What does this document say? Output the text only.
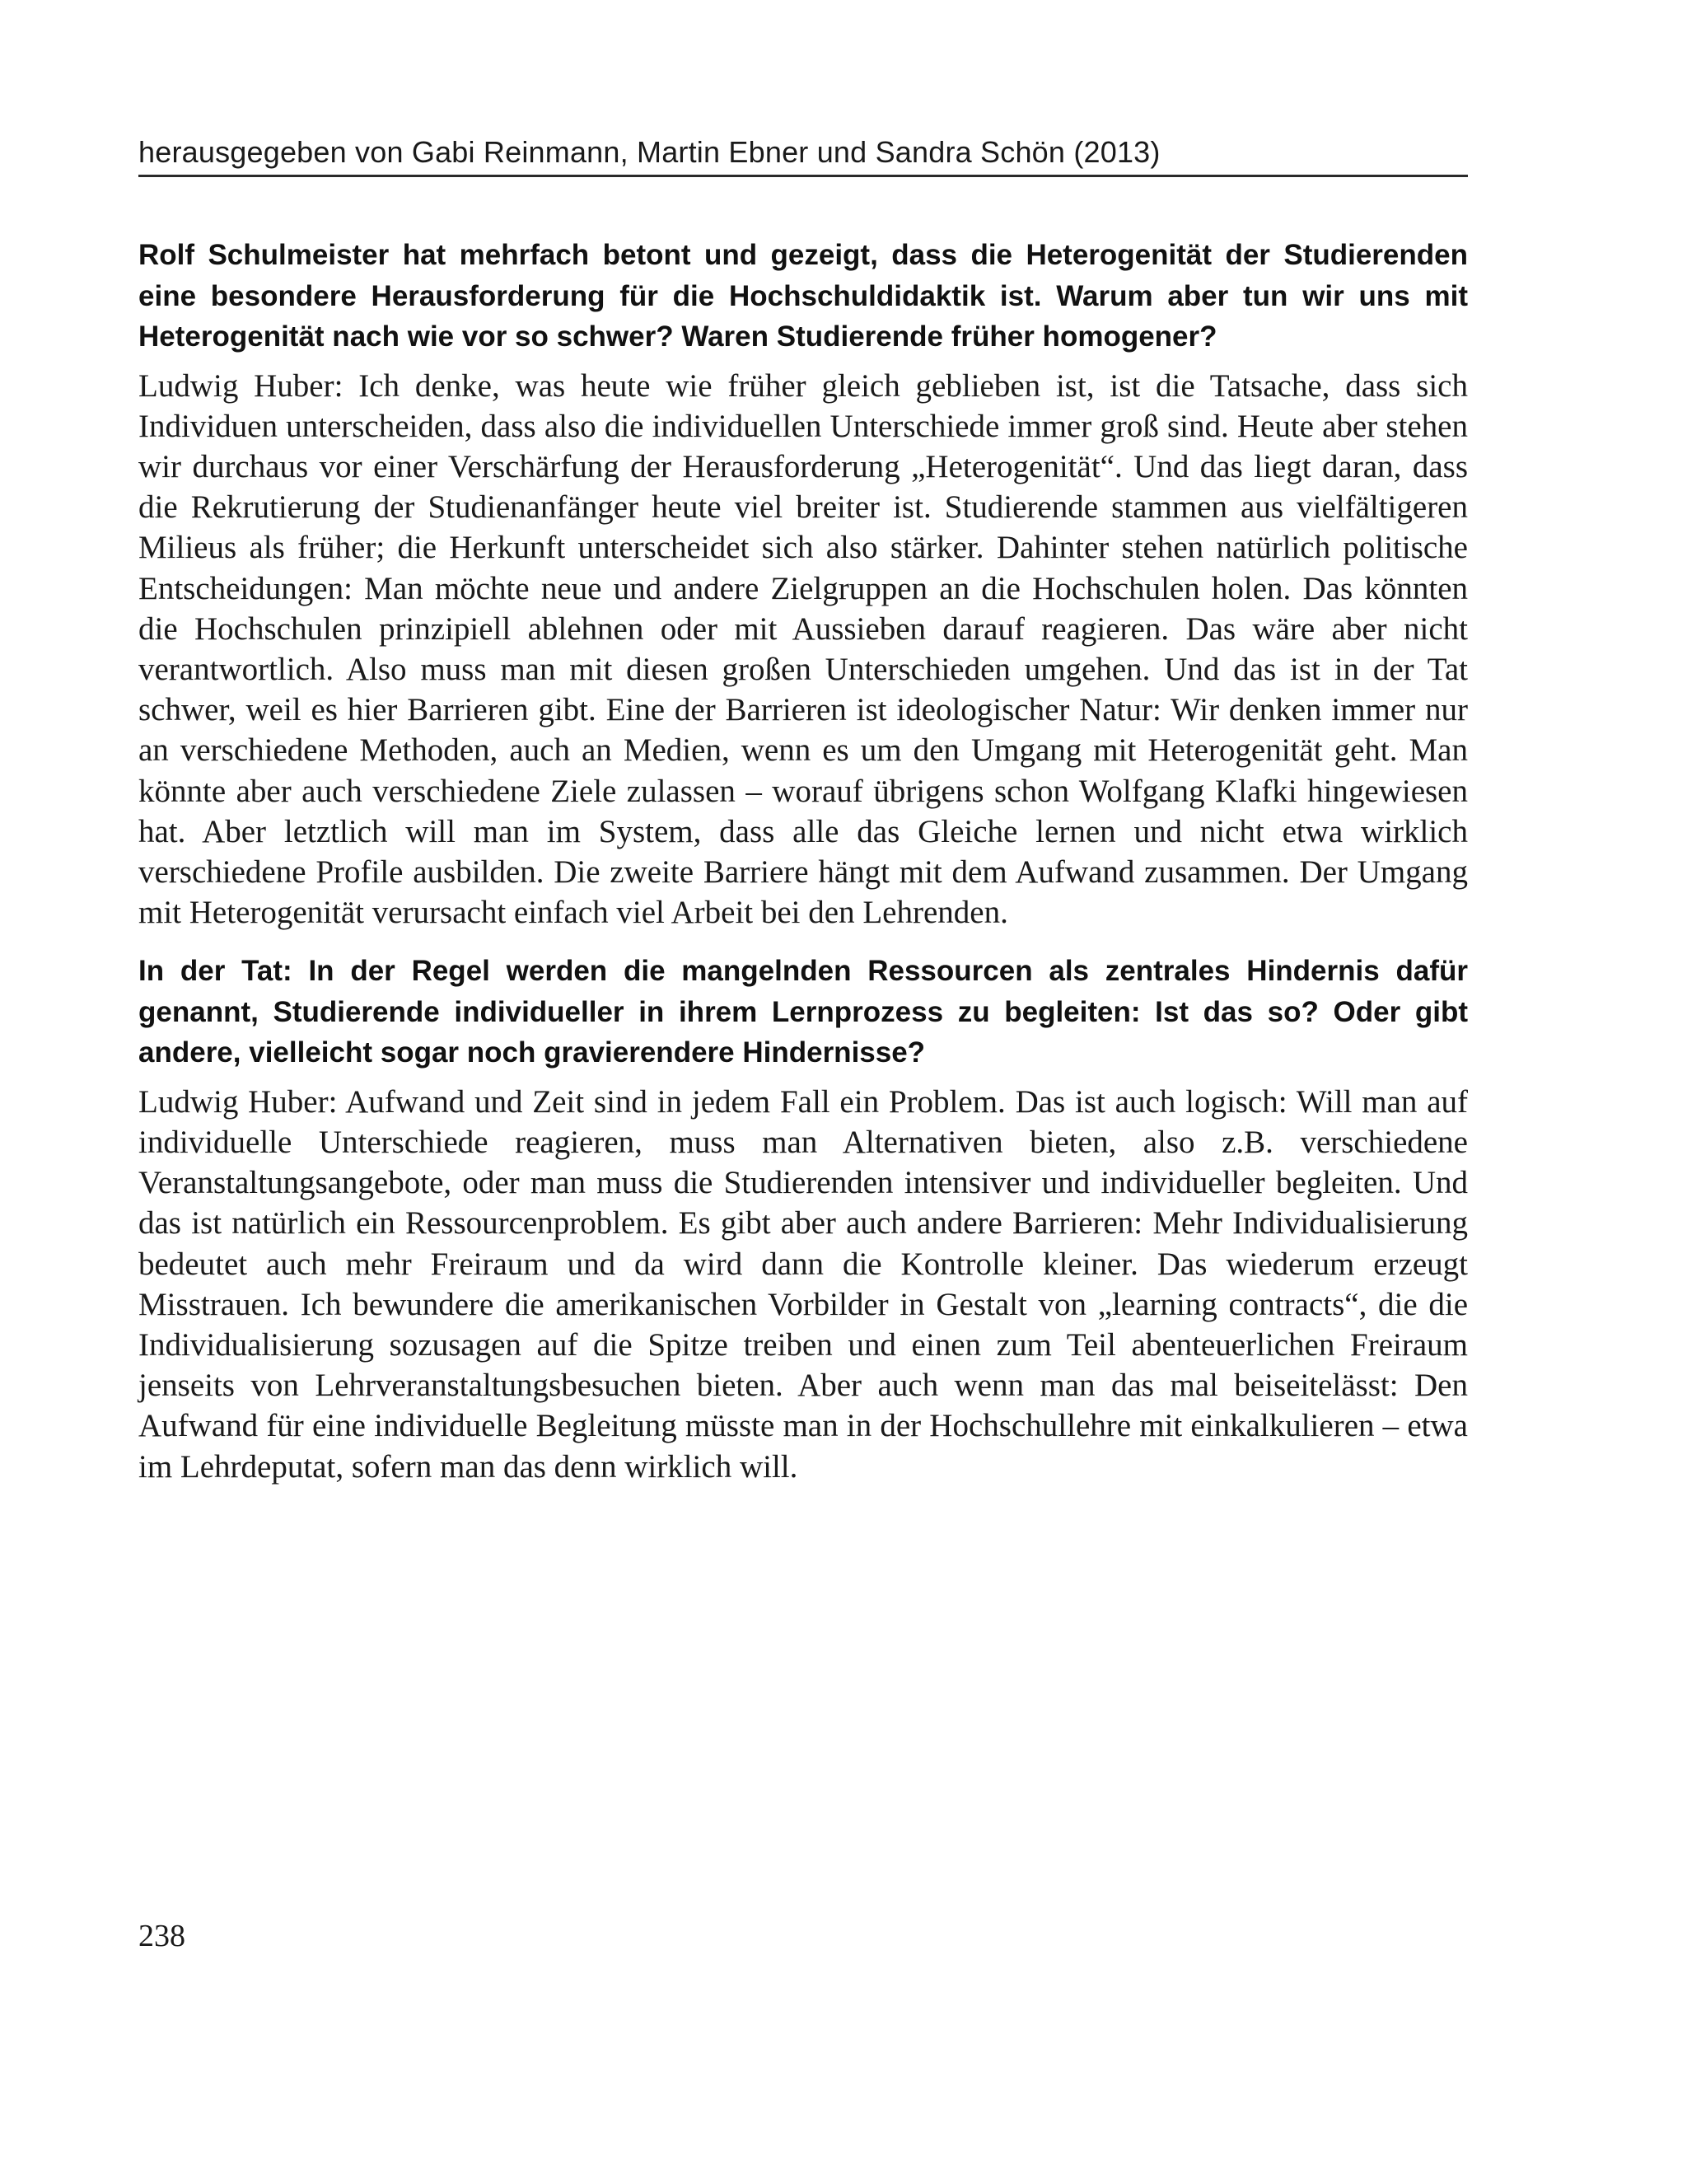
herausgegeben von Gabi Reinmann, Martin Ebner und Sandra Schön (2013)

Rolf Schulmeister hat mehrfach betont und gezeigt, dass die Heterogenität der Studierenden eine besondere Herausforderung für die Hochschuldidaktik ist. Warum aber tun wir uns mit Heterogenität nach wie vor so schwer? Waren Studierende früher homogener?

Ludwig Huber: Ich denke, was heute wie früher gleich geblieben ist, ist die Tatsache, dass sich Individuen unterscheiden, dass also die individuellen Unterschiede immer groß sind. Heute aber stehen wir durchaus vor einer Verschärfung der Herausforderung „Heterogenität“. Und das liegt daran, dass die Rekrutierung der Studienanfänger heute viel breiter ist. Studierende stammen aus vielfältigeren Milieus als früher; die Herkunft unterscheidet sich also stärker. Dahinter stehen natürlich politische Entscheidungen: Man möchte neue und andere Zielgruppen an die Hochschulen holen. Das könnten die Hochschulen prinzipiell ablehnen oder mit Aussieben darauf reagieren. Das wäre aber nicht verantwortlich. Also muss man mit diesen großen Unterschieden umgehen. Und das ist in der Tat schwer, weil es hier Barrieren gibt. Eine der Barrieren ist ideologischer Natur: Wir denken immer nur an verschiedene Methoden, auch an Medien, wenn es um den Umgang mit Heterogenität geht. Man könnte aber auch verschiedene Ziele zulassen – worauf übrigens schon Wolfgang Klafki hingewiesen hat. Aber letztlich will man im System, dass alle das Gleiche lernen und nicht etwa wirklich verschiedene Profile ausbilden. Die zweite Barriere hängt mit dem Aufwand zusammen. Der Umgang mit Heterogenität verursacht einfach viel Arbeit bei den Lehrenden.

In der Tat: In der Regel werden die mangelnden Ressourcen als zentrales Hindernis dafür genannt, Studierende individueller in ihrem Lernprozess zu begleiten: Ist das so? Oder gibt andere, vielleicht sogar noch gravierendere Hindernisse?

Ludwig Huber: Aufwand und Zeit sind in jedem Fall ein Problem. Das ist auch logisch: Will man auf individuelle Unterschiede reagieren, muss man Alternativen bieten, also z.B. verschiedene Veranstaltungsangebote, oder man muss die Studierenden intensiver und individueller begleiten. Und das ist natürlich ein Ressourcenproblem. Es gibt aber auch andere Barrieren: Mehr Individualisierung bedeutet auch mehr Freiraum und da wird dann die Kontrolle kleiner. Das wiederum erzeugt Misstrauen. Ich bewundere die amerikanischen Vorbilder in Gestalt von „learning contracts“, die die Individualisierung sozusagen auf die Spitze treiben und einen zum Teil abenteuerlichen Freiraum jenseits von Lehrveranstaltungsbesuchen bieten. Aber auch wenn man das mal beiseitelässt: Den Aufwand für eine individuelle Begleitung müsste man in der Hochschullehre mit einkalkulieren – etwa im Lehrdeputat, sofern man das denn wirklich will.

238
